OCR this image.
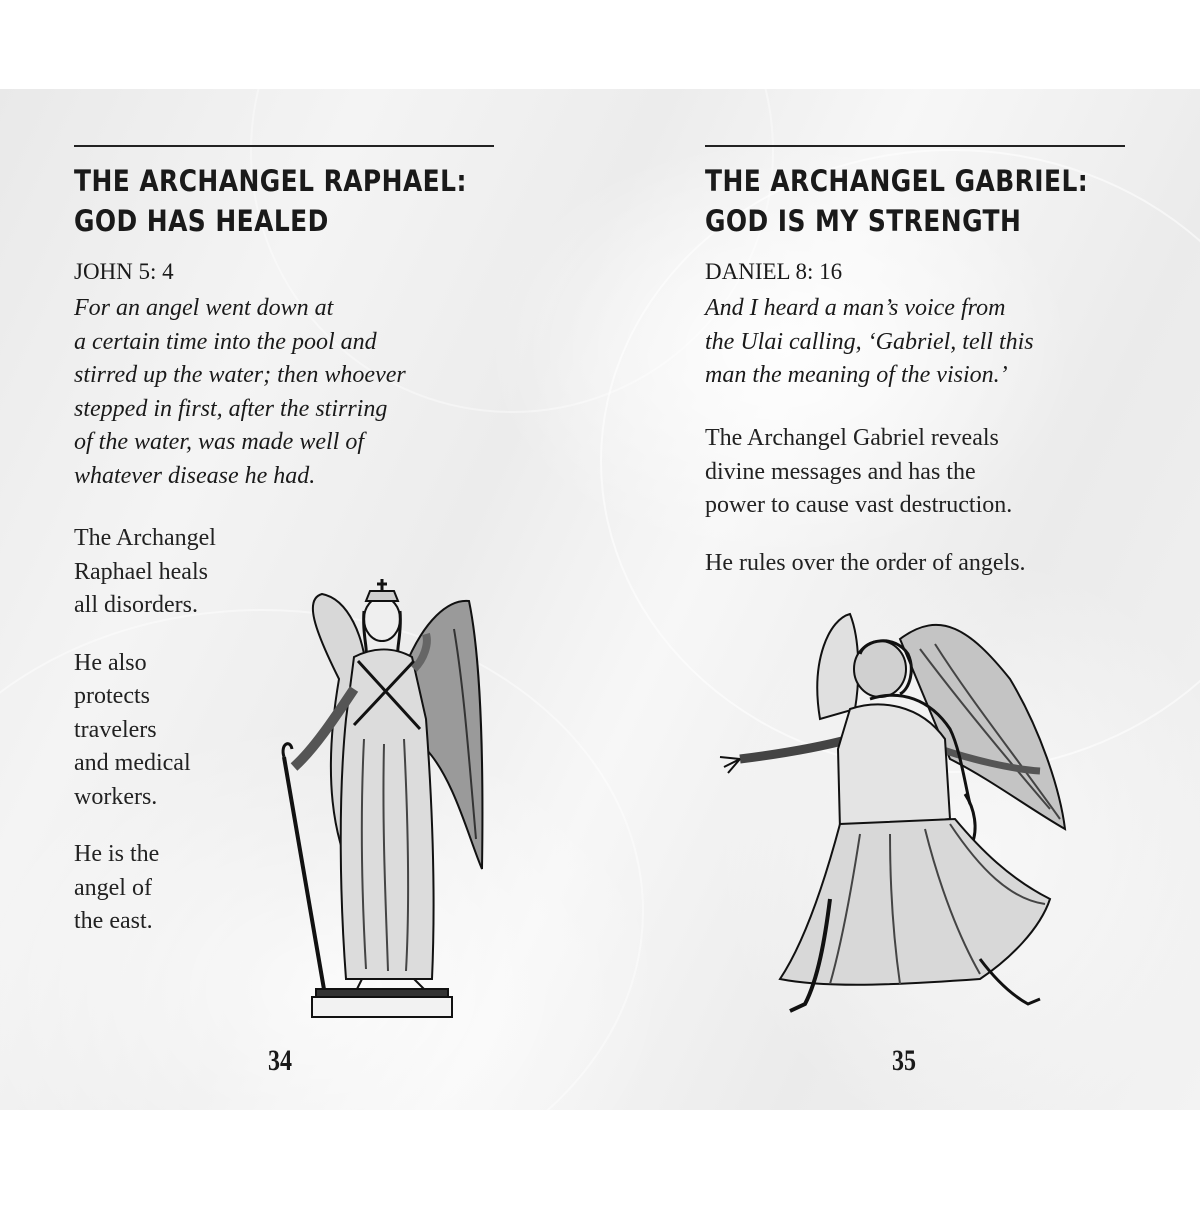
THE ARCHANGEL RAPHAEL:
GOD HAS HEALED
JOHN 5: 4
For an angel went down at
a certain time into the pool and
stirred up the water; then whoever
stepped in first, after the stirring
of the water, was made well of
whatever disease he had.

The Archangel
Raphael heals
all disorders.

He also
protects
travelers
and medical
workers.

He is the
angel of
the east.

34
THE ARCHANGEL GABRIEL:
GOD IS MY STRENGTH
DANIEL 8: 16
And I heard a man’s voice from
the Ulai calling, ‘Gabriel, tell this
man the meaning of the vision.’

The Archangel Gabriel reveals
divine messages and has the
power to cause vast destruction.

He rules over the order of angels.

35
